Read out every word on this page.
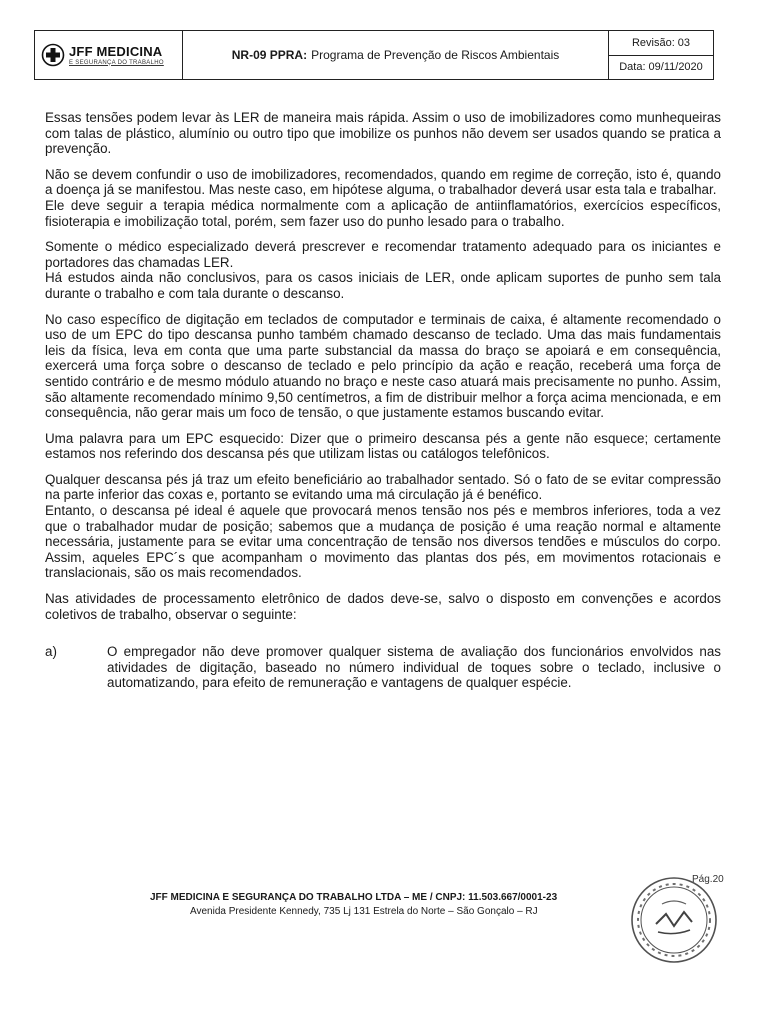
JFF MEDICINA
E SEGURANÇA DO TRABALHO
NR-09 PPRA: Programa de Prevenção de Riscos Ambientais
Revisão: 03
Data: 09/11/2020

Essas tensões podem levar às LER de maneira mais rápida. Assim o uso de imobilizadores como munhequeiras com talas de plástico, alumínio ou outro tipo que imobilize os punhos não devem ser usados quando se pratica a prevenção.

Não se devem confundir o uso de imobilizadores, recomendados, quando em regime de correção, isto é, quando a doença já se manifestou. Mas neste caso, em hipótese alguma, o trabalhador deverá usar esta tala e trabalhar.

Ele deve seguir a terapia médica normalmente com a aplicação de antiinflamatórios, exercícios específicos, fisioterapia e imobilização total, porém, sem fazer uso do punho lesado para o trabalho.

Somente o médico especializado deverá prescrever e recomendar tratamento adequado para os iniciantes e portadores das chamadas LER.

Há estudos ainda não conclusivos, para os casos iniciais de LER, onde aplicam suportes de punho sem tala durante o trabalho e com tala durante o descanso.

No caso específico de digitação em teclados de computador e terminais de caixa, é altamente recomendado o uso de um EPC do tipo descansa punho também chamado descanso de teclado. Uma das mais fundamentais leis da física, leva em conta que uma parte substancial da massa do braço se apoiará e em consequência, exercerá uma força sobre o descanso de teclado e pelo princípio da ação e reação, receberá uma força de sentido contrário e de mesmo módulo atuando no braço e neste caso atuará mais precisamente no punho. Assim, são altamente recomendado mínimo 9,50 centímetros, a fim de distribuir melhor a força acima mencionada, e em consequência, não gerar mais um foco de tensão, o que justamente estamos buscando evitar.

Uma palavra para um EPC esquecido: Dizer que o primeiro descansa pés a gente não esquece; certamente estamos nos referindo dos descansa pés que utilizam listas ou catálogos telefônicos.

Qualquer descansa pés já traz um efeito beneficiário ao trabalhador sentado. Só o fato de se evitar compressão na parte inferior das coxas e, portanto se evitando uma má circulação já é benéfico.

Entanto, o descansa pé ideal é aquele que provocará menos tensão nos pés e membros inferiores, toda a vez que o trabalhador mudar de posição; sabemos que a mudança de posição é uma reação normal e altamente necessária, justamente para se evitar uma concentração de tensão nos diversos tendões e músculos do corpo. Assim, aqueles EPC´s que acompanham o movimento das plantas dos pés, em movimentos rotacionais e translacionais, são os mais recomendados.

Nas atividades de processamento eletrônico de dados deve-se, salvo o disposto em convenções e acordos coletivos de trabalho, observar o seguinte:

a)	O empregador não deve promover qualquer sistema de avaliação dos funcionários envolvidos nas atividades de digitação, baseado no número individual de toques sobre o teclado, inclusive o automatizando, para efeito de remuneração e vantagens de qualquer espécie.
Pág.20
JFF MEDICINA E SEGURANÇA DO TRABALHO LTDA – ME / CNPJ: 11.503.667/0001-23
Avenida Presidente Kennedy, 735 Lj 131 Estrela do Norte – São Gonçalo – RJ
